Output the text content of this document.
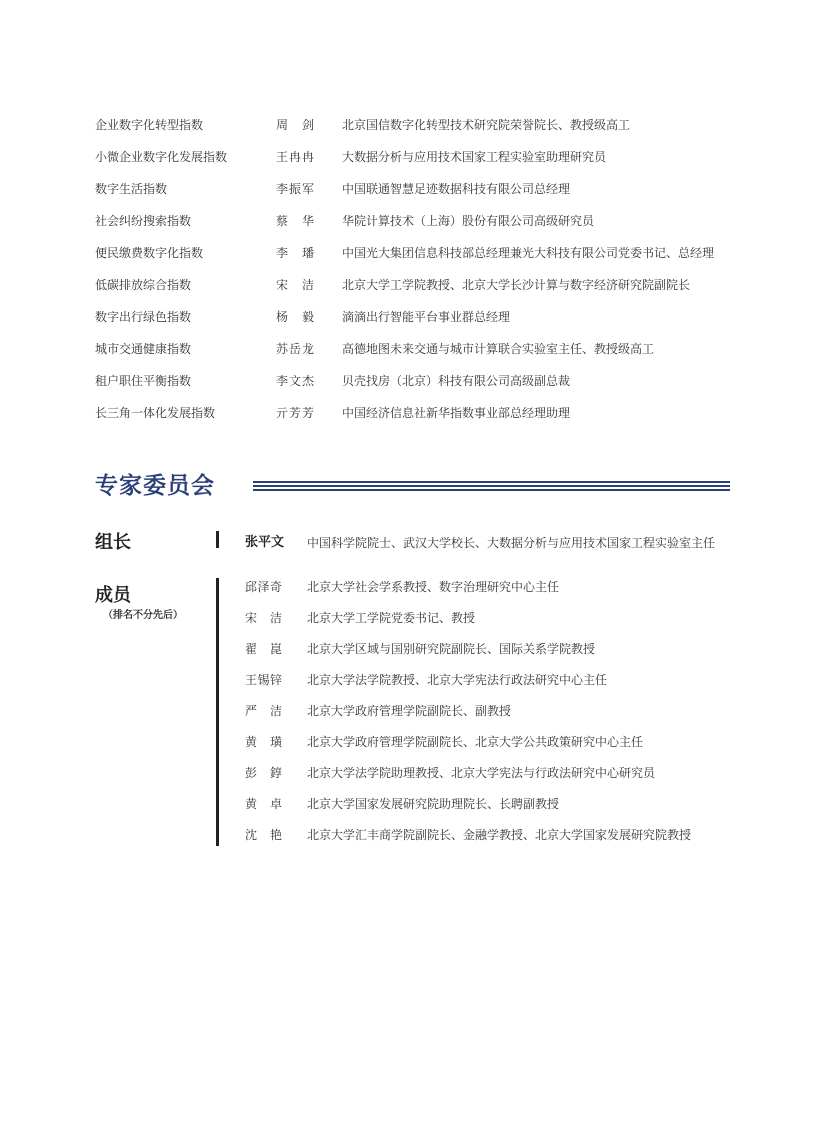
企业数字化转型指数	周剑 北京国信数字化转型技术研究院荣誉院长、教授级高工
小微企业数字化发展指数	王冉冉 大数据分析与应用技术国家工程实验室助理研究员
数字生活指数	李振军 中国联通智慧足迹数据科技有限公司总经理
社会纠纷搜索指数	蔡华 华院计算技术（上海）股份有限公司高级研究员
便民缴费数字化指数	李璠 中国光大集团信息科技部总经理兼光大科技有限公司党委书记、总经理
低碳排放综合指数	宋洁 北京大学工学院教授、北京大学长沙计算与数字经济研究院副院长
数字出行绿色指数	杨毅 滴滴出行智能平台事业群总经理
城市交通健康指数	苏岳龙 高德地图未来交通与城市计算联合实验室主任、教授级高工
租户职住平衡指数	李文杰 贝壳找房（北京）科技有限公司高级副总裁
长三角一体化发展指数	亓芳芳 中国经济信息社新华指数事业部总经理助理
专家委员会
组长	张平文 中国科学院院士、武汉大学校长、大数据分析与应用技术国家工程实验室主任
成员
（排名不分先后）
邱泽奇 北京大学社会学系教授、数字治理研究中心主任
宋洁 北京大学工学院党委书记、教授
翟崑 北京大学区域与国别研究院副院长、国际关系学院教授
王锡锌 北京大学法学院教授、北京大学宪法行政法研究中心主任
严洁 北京大学政府管理学院副院长、副教授
黄璜 北京大学政府管理学院副院长、北京大学公共政策研究中心主任
彭錞 北京大学法学院助理教授、北京大学宪法与行政法研究中心研究员
黄卓 北京大学国家发展研究院助理院长、长聘副教授
沈艳 北京大学汇丰商学院副院长、金融学教授、北京大学国家发展研究院教授
